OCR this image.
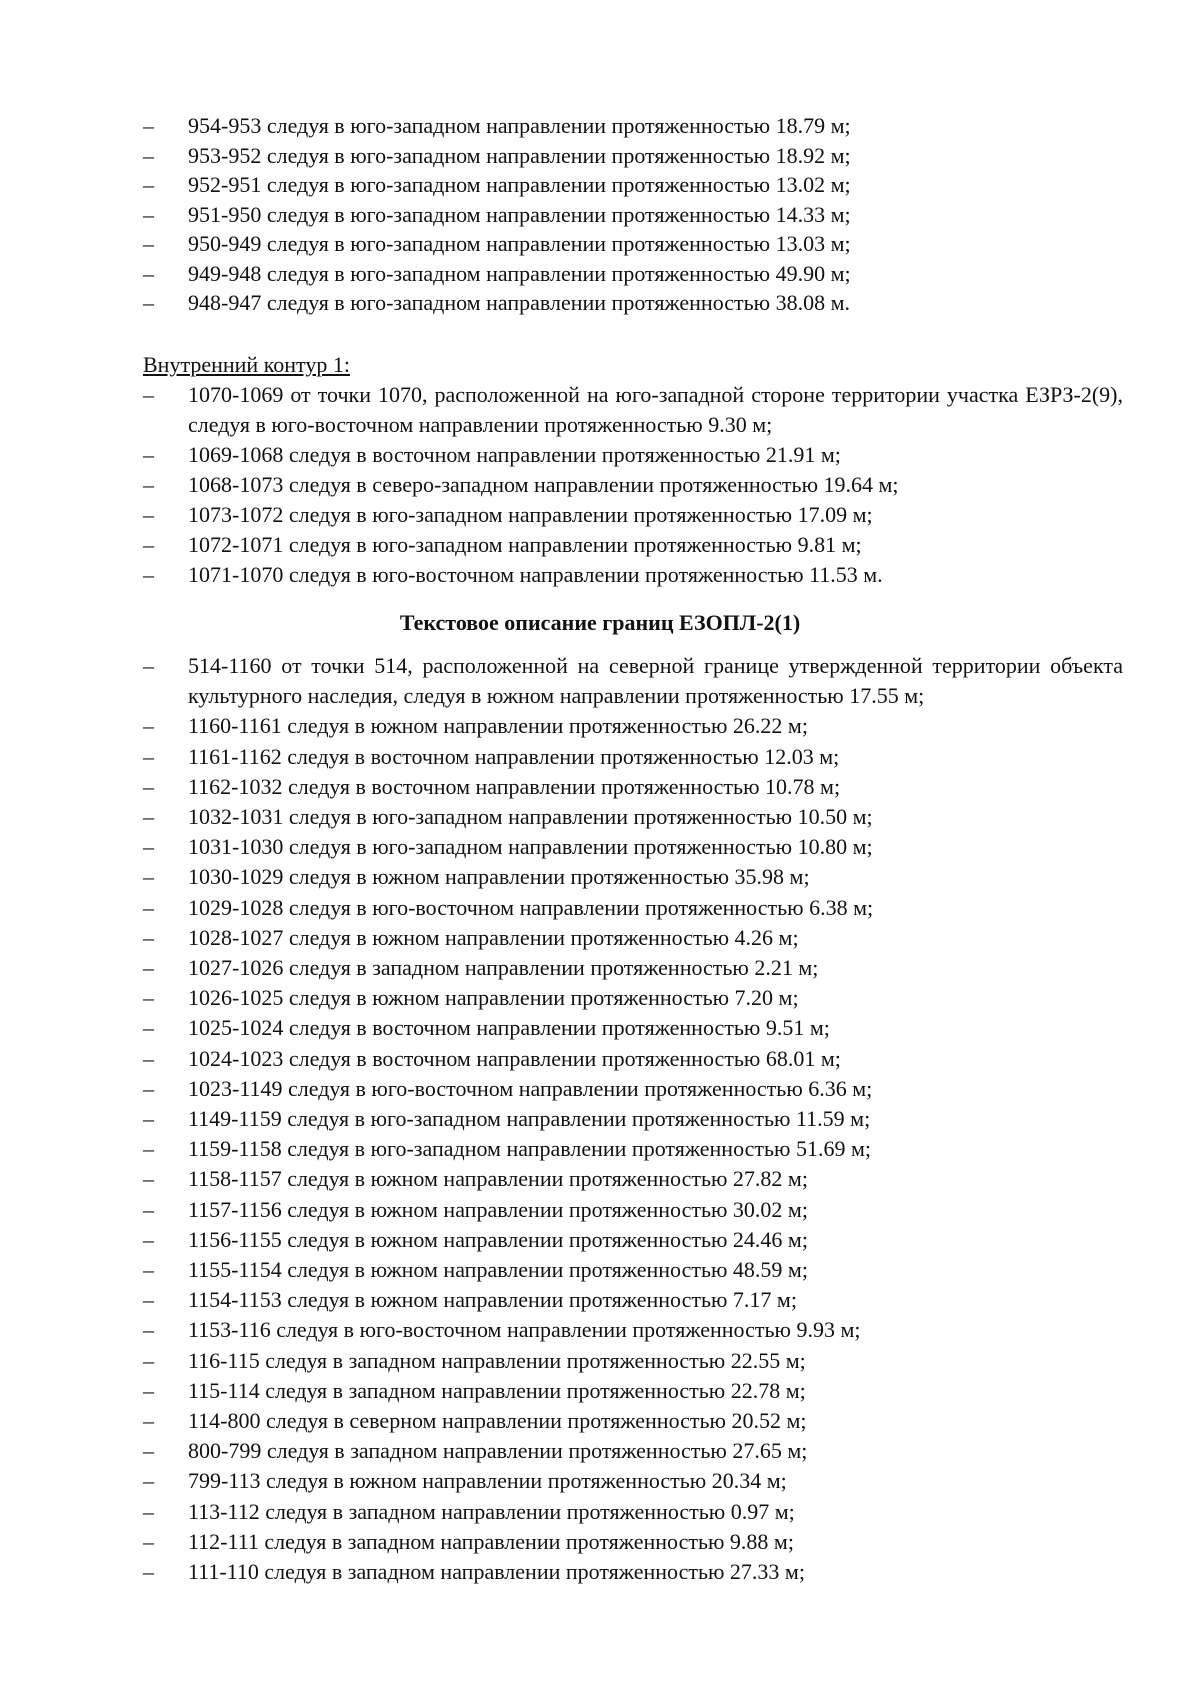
– 954-953 следуя в юго-западном направлении протяженностью 18.79 м;
– 953-952 следуя в юго-западном направлении протяженностью 18.92 м;
– 952-951 следуя в юго-западном направлении протяженностью 13.02 м;
– 951-950 следуя в юго-западном направлении протяженностью 14.33 м;
– 950-949 следуя в юго-западном направлении протяженностью 13.03 м;
– 949-948 следуя в юго-западном направлении протяженностью 49.90 м;
– 948-947 следуя в юго-западном направлении протяженностью 38.08 м.
Внутренний контур 1:
– 1070-1069 от точки 1070, расположенной на юго-западной стороне территории участка ЕЗРЗ-2(9), следуя в юго-восточном направлении протяженностью 9.30 м;
– 1069-1068 следуя в восточном направлении протяженностью 21.91 м;
– 1068-1073 следуя в северо-западном направлении протяженностью 19.64 м;
– 1073-1072 следуя в юго-западном направлении протяженностью 17.09 м;
– 1072-1071 следуя в юго-западном направлении протяженностью 9.81 м;
– 1071-1070 следуя в юго-восточном направлении протяженностью 11.53 м.
Текстовое описание границ ЕЗОПЛ-2(1)
– 514-1160 от точки 514, расположенной на северной границе утвержденной территории объекта культурного наследия, следуя в южном направлении протяженностью 17.55 м;
– 1160-1161 следуя в южном направлении протяженностью 26.22 м;
– 1161-1162 следуя в восточном направлении протяженностью 12.03 м;
– 1162-1032 следуя в восточном направлении протяженностью 10.78 м;
– 1032-1031 следуя в юго-западном направлении протяженностью 10.50 м;
– 1031-1030 следуя в юго-западном направлении протяженностью 10.80 м;
– 1030-1029 следуя в южном направлении протяженностью 35.98 м;
– 1029-1028 следуя в юго-восточном направлении протяженностью 6.38 м;
– 1028-1027 следуя в южном направлении протяженностью 4.26 м;
– 1027-1026 следуя в западном направлении протяженностью 2.21 м;
– 1026-1025 следуя в южном направлении протяженностью 7.20 м;
– 1025-1024 следуя в восточном направлении протяженностью 9.51 м;
– 1024-1023 следуя в восточном направлении протяженностью 68.01 м;
– 1023-1149 следуя в юго-восточном направлении протяженностью 6.36 м;
– 1149-1159 следуя в юго-западном направлении протяженностью 11.59 м;
– 1159-1158 следуя в юго-западном направлении протяженностью 51.69 м;
– 1158-1157 следуя в южном направлении протяженностью 27.82 м;
– 1157-1156 следуя в южном направлении протяженностью 30.02 м;
– 1156-1155 следуя в южном направлении протяженностью 24.46 м;
– 1155-1154 следуя в южном направлении протяженностью 48.59 м;
– 1154-1153 следуя в южном направлении протяженностью 7.17 м;
– 1153-116 следуя в юго-восточном направлении протяженностью 9.93 м;
– 116-115 следуя в западном направлении протяженностью 22.55 м;
– 115-114 следуя в западном направлении протяженностью 22.78 м;
– 114-800 следуя в северном направлении протяженностью 20.52 м;
– 800-799 следуя в западном направлении протяженностью 27.65 м;
– 799-113 следуя в южном направлении протяженностью 20.34 м;
– 113-112 следуя в западном направлении протяженностью 0.97 м;
– 112-111 следуя в западном направлении протяженностью 9.88 м;
– 111-110 следуя в западном направлении протяженностью 27.33 м;
